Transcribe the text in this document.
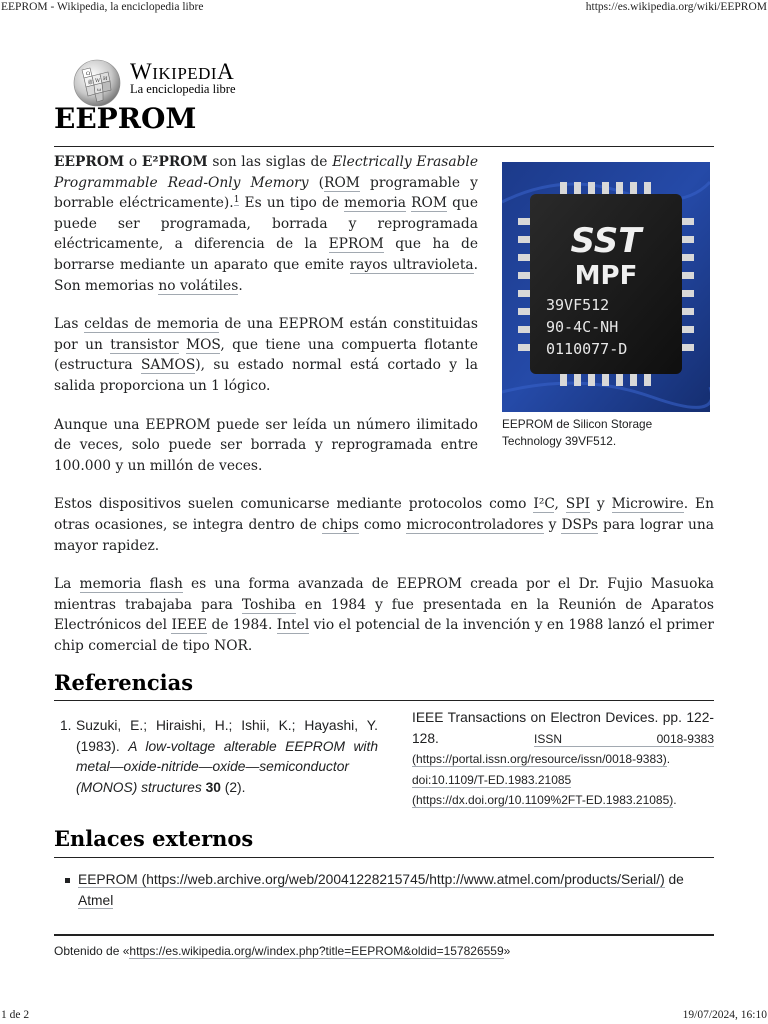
EEPROM - Wikipedia, la enciclopedia libre	https://es.wikipedia.org/wiki/EEPROM
Ω
W И
維
ω
WIKIPEDIA
La enciclopedia libre
EEPROM
SST
MPF
39VF512
90-4C-NH
0110077-D
EEPROM de Silicon Storage Technology 39VF512.

EEPROM o E²PROM son las siglas de Electrically Erasable Programmable Read-Only Memory (ROM programable y borrable eléctricamente).$^1$ Es un tipo de memoria ROM que puede ser programada, borrada y reprogramada eléctricamente, a diferencia de la EPROM que ha de borrarse mediante un aparato que emite rayos ultravioleta. Son memorias no volátiles.

Las celdas de memoria de una EEPROM están constituidas por un transistor MOS, que tiene una compuerta flotante (estructura SAMOS), su estado normal está cortado y la salida proporciona un 1 lógico.

Aunque una EEPROM puede ser leída un número ilimitado de veces, solo puede ser borrada y reprogramada entre 100.000 y un millón de veces.

Estos dispositivos suelen comunicarse mediante protocolos como I²C, SPI y Microwire. En otras ocasiones, se integra dentro de chips como microcontroladores y DSPs para lograr una mayor rapidez.

La memoria flash es una forma avanzada de EEPROM creada por el Dr. Fujio Masuoka mientras trabajaba para Toshiba en 1984 y fue presentada en la Reunión de Aparatos Electrónicos del IEEE de 1984. Intel vio el potencial de la invención y en 1988 lanzó el primer chip comercial de tipo NOR.

Referencias
1. Suzuki, E.; Hiraishi, H.; Ishii, K.; Hayashi, Y. (1983). A low-voltage alterable EEPROM with metal—oxide-nitride—oxide—semiconductor (MONOS) structures 30 (2).
IEEE Transactions on Electron Devices. pp. 122-128. ISSN 0018-9383 (https://portal.issn.org/resource/issn/0018-9383). doi:10.1109/T-ED.1983.21085 (https://dx.doi.org/10.1109%2FT-ED.1983.21085).
Enlaces externos
EEPROM (https://web.archive.org/web/20041228215745/http://www.atmel.com/products/Serial/) de Atmel
Obtenido de «https://es.wikipedia.org/w/index.php?title=EEPROM&oldid=157826559»
1 de 2	19/07/2024, 16:10
